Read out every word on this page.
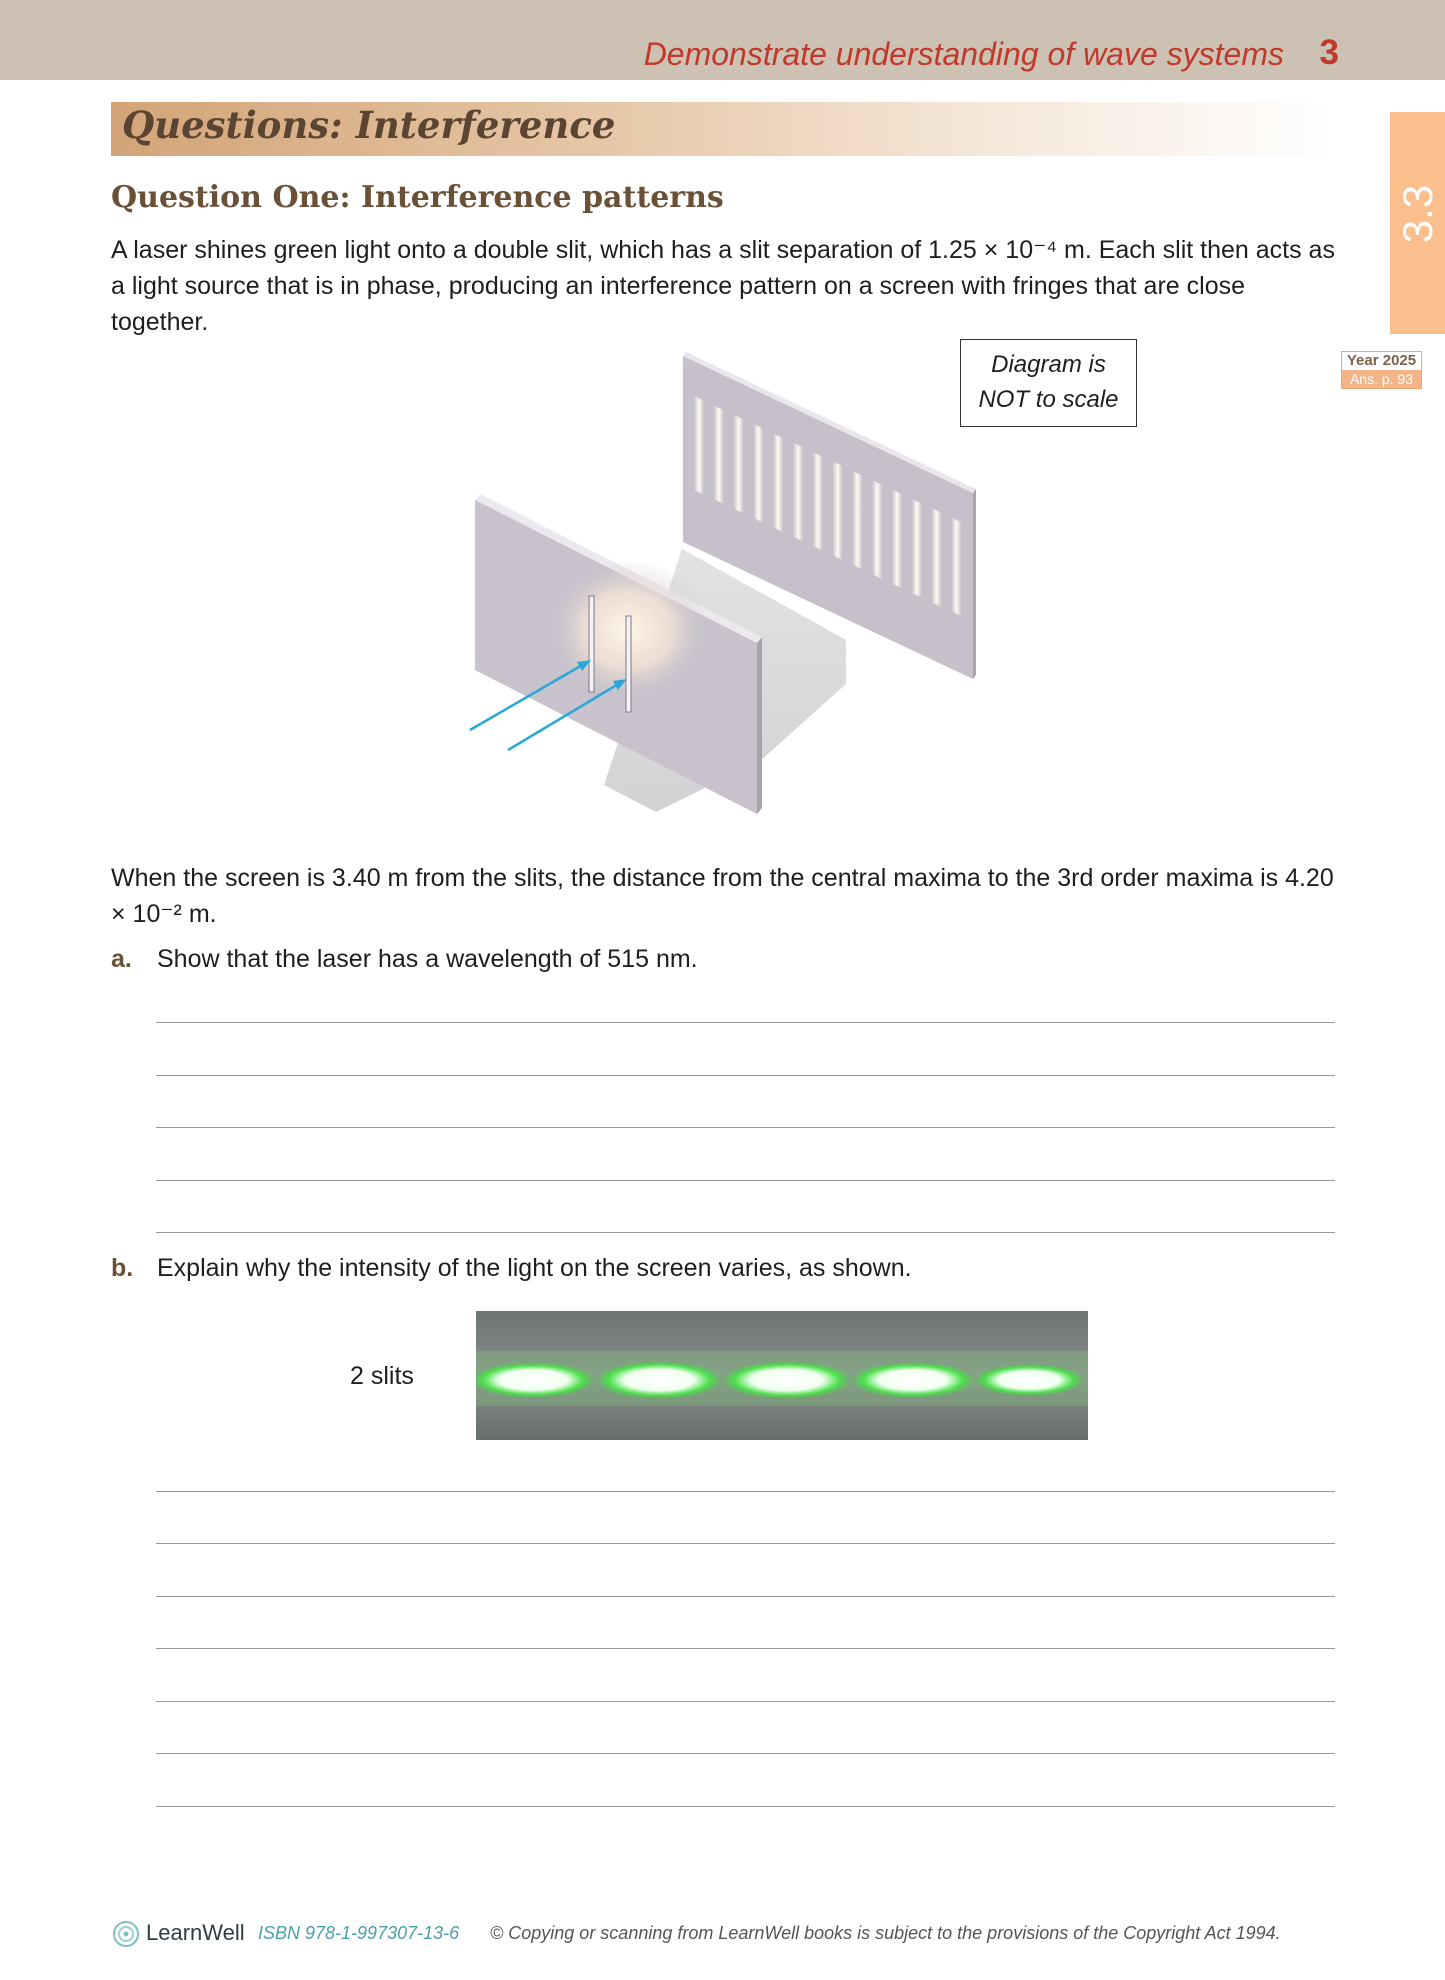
Demonstrate understanding of wave systems 3
Questions: Interference
3.3
Year 2025
Ans. p. 93
Question One: Interference patterns
A laser shines green light onto a double slit, which has a slit separation of 1.25 × 10⁻⁴ m. Each slit then acts as a light source that is in phase, producing an interference pattern on a screen with fringes that are close together.
Diagram is
NOT to scale
When the screen is 3.40 m from the slits, the distance from the central maxima to the 3rd order maxima is 4.20 × 10⁻² m.
a. Show that the laser has a wavelength of 515 nm.
b. Explain why the intensity of the light on the screen varies, as shown.
2 slits
LearnWell ISBN 978-1-997307-13-6 © Copying or scanning from LearnWell books is subject to the provisions of the Copyright Act 1994.
